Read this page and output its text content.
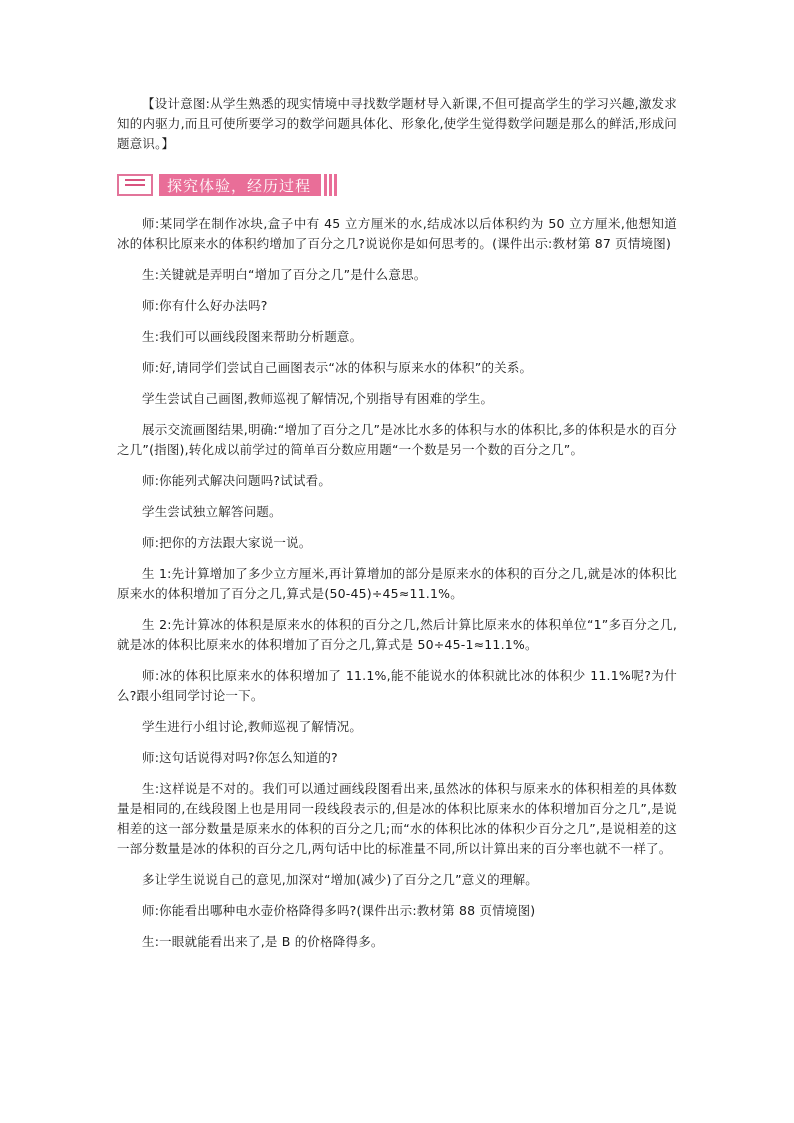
【设计意图:从学生熟悉的现实情境中寻找数学题材导入新课,不但可提高学生的学习兴趣,激发求知的内驱力,而且可使所要学习的数学问题具体化、形象化,使学生觉得数学问题是那么的鲜活,形成问题意识。】

探究体验，经历过程

师:某同学在制作冰块,盒子中有 45 立方厘米的水,结成冰以后体积约为 50 立方厘米,他想知道冰的体积比原来水的体积约增加了百分之几?说说你是如何思考的。(课件出示:教材第 87 页情境图)

生:关键就是弄明白“增加了百分之几”是什么意思。

师:你有什么好办法吗?

生:我们可以画线段图来帮助分析题意。

师:好,请同学们尝试自己画图表示“冰的体积与原来水的体积”的关系。

学生尝试自己画图,教师巡视了解情况,个别指导有困难的学生。

展示交流画图结果,明确:“增加了百分之几”是冰比水多的体积与水的体积比,多的体积是水的百分之几”(指图),转化成以前学过的简单百分数应用题“一个数是另一个数的百分之几”。

师:你能列式解决问题吗?试试看。

学生尝试独立解答问题。

师:把你的方法跟大家说一说。

生 1:先计算增加了多少立方厘米,再计算增加的部分是原来水的体积的百分之几,就是冰的体积比原来水的体积增加了百分之几,算式是(50-45)÷45≈11.1%。

生 2:先计算冰的体积是原来水的体积的百分之几,然后计算比原来水的体积单位“1”多百分之几,就是冰的体积比原来水的体积增加了百分之几,算式是 50÷45-1≈11.1%。

师:冰的体积比原来水的体积增加了 11.1%,能不能说水的体积就比冰的体积少 11.1%呢?为什么?跟小组同学讨论一下。

学生进行小组讨论,教师巡视了解情况。

师:这句话说得对吗?你怎么知道的?

生:这样说是不对的。我们可以通过画线段图看出来,虽然冰的体积与原来水的体积相差的具体数量是相同的,在线段图上也是用同一段线段表示的,但是冰的体积比原来水的体积增加百分之几”,是说相差的这一部分数量是原来水的体积的百分之几;而“水的体积比冰的体积少百分之几”,是说相差的这一部分数量是冰的体积的百分之几,两句话中比的标准量不同,所以计算出来的百分率也就不一样了。

多让学生说说自己的意见,加深对“增加(减少)了百分之几”意义的理解。

师:你能看出哪种电水壶价格降得多吗?(课件出示:教材第 88 页情境图)

生:一眼就能看出来了,是 B 的价格降得多。
